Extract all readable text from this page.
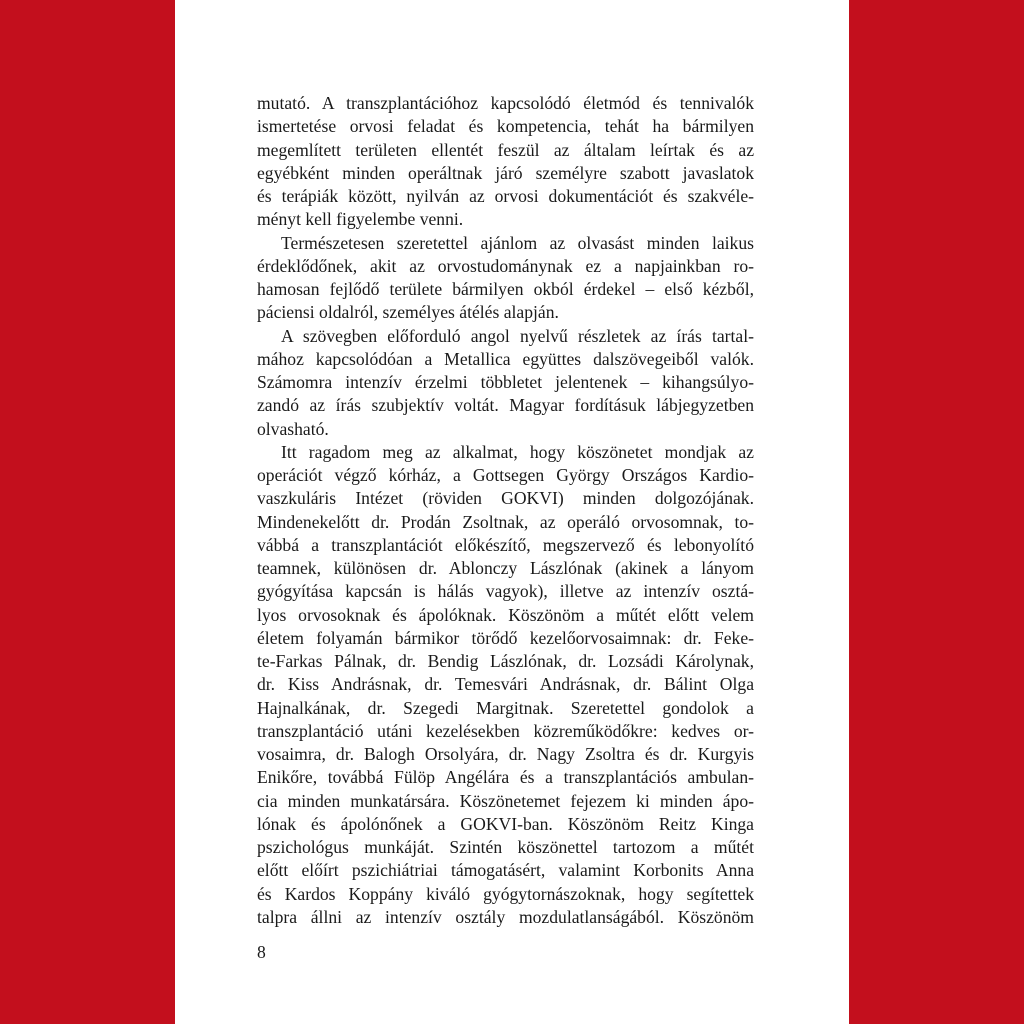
mutató. A transzplantációhoz kapcsolódó életmód és tennivalók
ismertetése orvosi feladat és kompetencia, tehát ha bármilyen
megemlített területen ellentét feszül az általam leírtak és az
egyébként minden operáltnak járó személyre szabott javaslatok
és terápiák között, nyilván az orvosi dokumentációt és szakvéle-
ményt kell figyelembe venni.
Természetesen szeretettel ajánlom az olvasást minden laikus
érdeklődőnek, akit az orvostudománynak ez a napjainkban ro-
hamosan fejlődő területe bármilyen okból érdekel – első kézből,
páciensi oldalról, személyes átélés alapján.
A szövegben előforduló angol nyelvű részletek az írás tartal-
mához kapcsolódóan a Metallica együttes dalszövegeiből valók.
Számomra intenzív érzelmi többletet jelentenek – kihangsúlyo-
zandó az írás szubjektív voltát. Magyar fordításuk lábjegyzetben
olvasható.
Itt ragadom meg az alkalmat, hogy köszönetet mondjak az
operációt végző kórház, a Gottsegen György Országos Kardio-
vaszkuláris Intézet (röviden GOKVI) minden dolgozójának.
Mindenekelőtt dr. Prodán Zsoltnak, az operáló orvosomnak, to-
vábbá a transzplantációt előkészítő, megszervező és lebonyolító
teamnek, különösen dr. Ablonczy Lászlónak (akinek a lányom
gyógyítása kapcsán is hálás vagyok), illetve az intenzív osztá-
lyos orvosoknak és ápolóknak. Köszönöm a műtét előtt velem
életem folyamán bármikor törődő kezelőorvosaimnak: dr. Feke-
te-Farkas Pálnak, dr. Bendig Lászlónak, dr. Lozsádi Károlynak,
dr. Kiss Andrásnak, dr. Temesvári Andrásnak, dr. Bálint Olga
Hajnalkának, dr. Szegedi Margitnak. Szeretettel gondolok a
transzplantáció utáni kezelésekben közreműködőkre: kedves or-
vosaimra, dr. Balogh Orsolyára, dr. Nagy Zsoltra és dr. Kurgyis
Enikőre, továbbá Fülöp Angélára és a transzplantációs ambulan-
cia minden munkatársára. Köszönetemet fejezem ki minden ápo-
lónak és ápolónőnek a GOKVI-ban. Köszönöm Reitz Kinga
pszichológus munkáját. Szintén köszönettel tartozom a műtét
előtt előírt pszichiátriai támogatásért, valamint Korbonits Anna
és Kardos Koppány kiváló gyógytornászoknak, hogy segítettek
talpra állni az intenzív osztály mozdulatlanságából. Köszönöm
8
